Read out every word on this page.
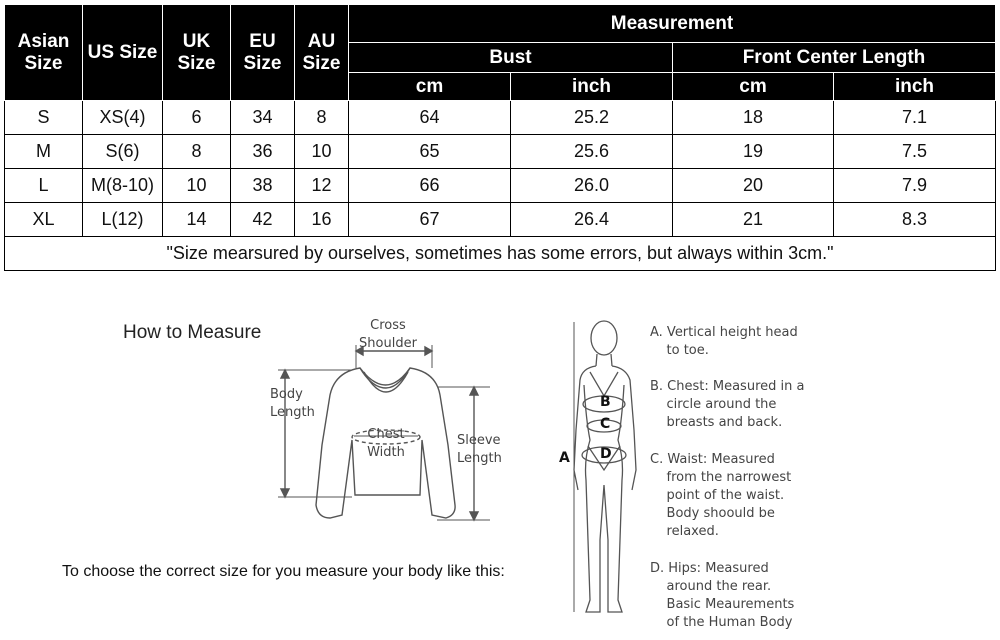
Asian Size	US Size	UK Size	EU Size	AU Size	Measurement			
					Bust		Front Center Length	
					cm	inch	cm	inch
S	XS(4)	6	34	8	64	25.2	18	7.1
M	S(6)	8	36	10	65	25.6	19	7.5
L	M(8-10)	10	38	12	66	26.0	20	7.9
XL	L(12)	14	42	16	67	26.4	21	8.3
"Size mearsured by ourselves, sometimes has some errors, but always within 3cm."								
How to Measure	Cross
Shoulder
Body
Length
Chest
Width
Sleeve
Length	A
B
C
D
A. Vertical height head
to toe.
B. Chest: Measured in a
circle around the
breasts and back.
C. Waist: Measured
from the narrowest
point of the waist.
Body shoould be
relaxed.
D. Hips: Measured
around the rear.
Basic Meaurements
of the Human Body
To choose the correct size for you measure your body like this:
